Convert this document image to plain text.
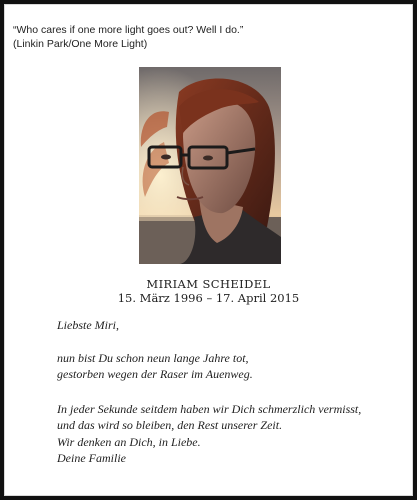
“Who cares if one more light goes out? Well I do.”
(Linkin Park/One More Light)
MIRIAM SCHEIDEL
15. März 1996 – 17. April 2015

Liebste Miri,

nun bist Du schon neun lange Jahre tot,

gestorben wegen der Raser im Auenweg.

In jeder Sekunde seitdem haben wir Dich schmerzlich vermisst,

und das wird so bleiben, den Rest unserer Zeit.

Wir denken an Dich, in Liebe.

Deine Familie
